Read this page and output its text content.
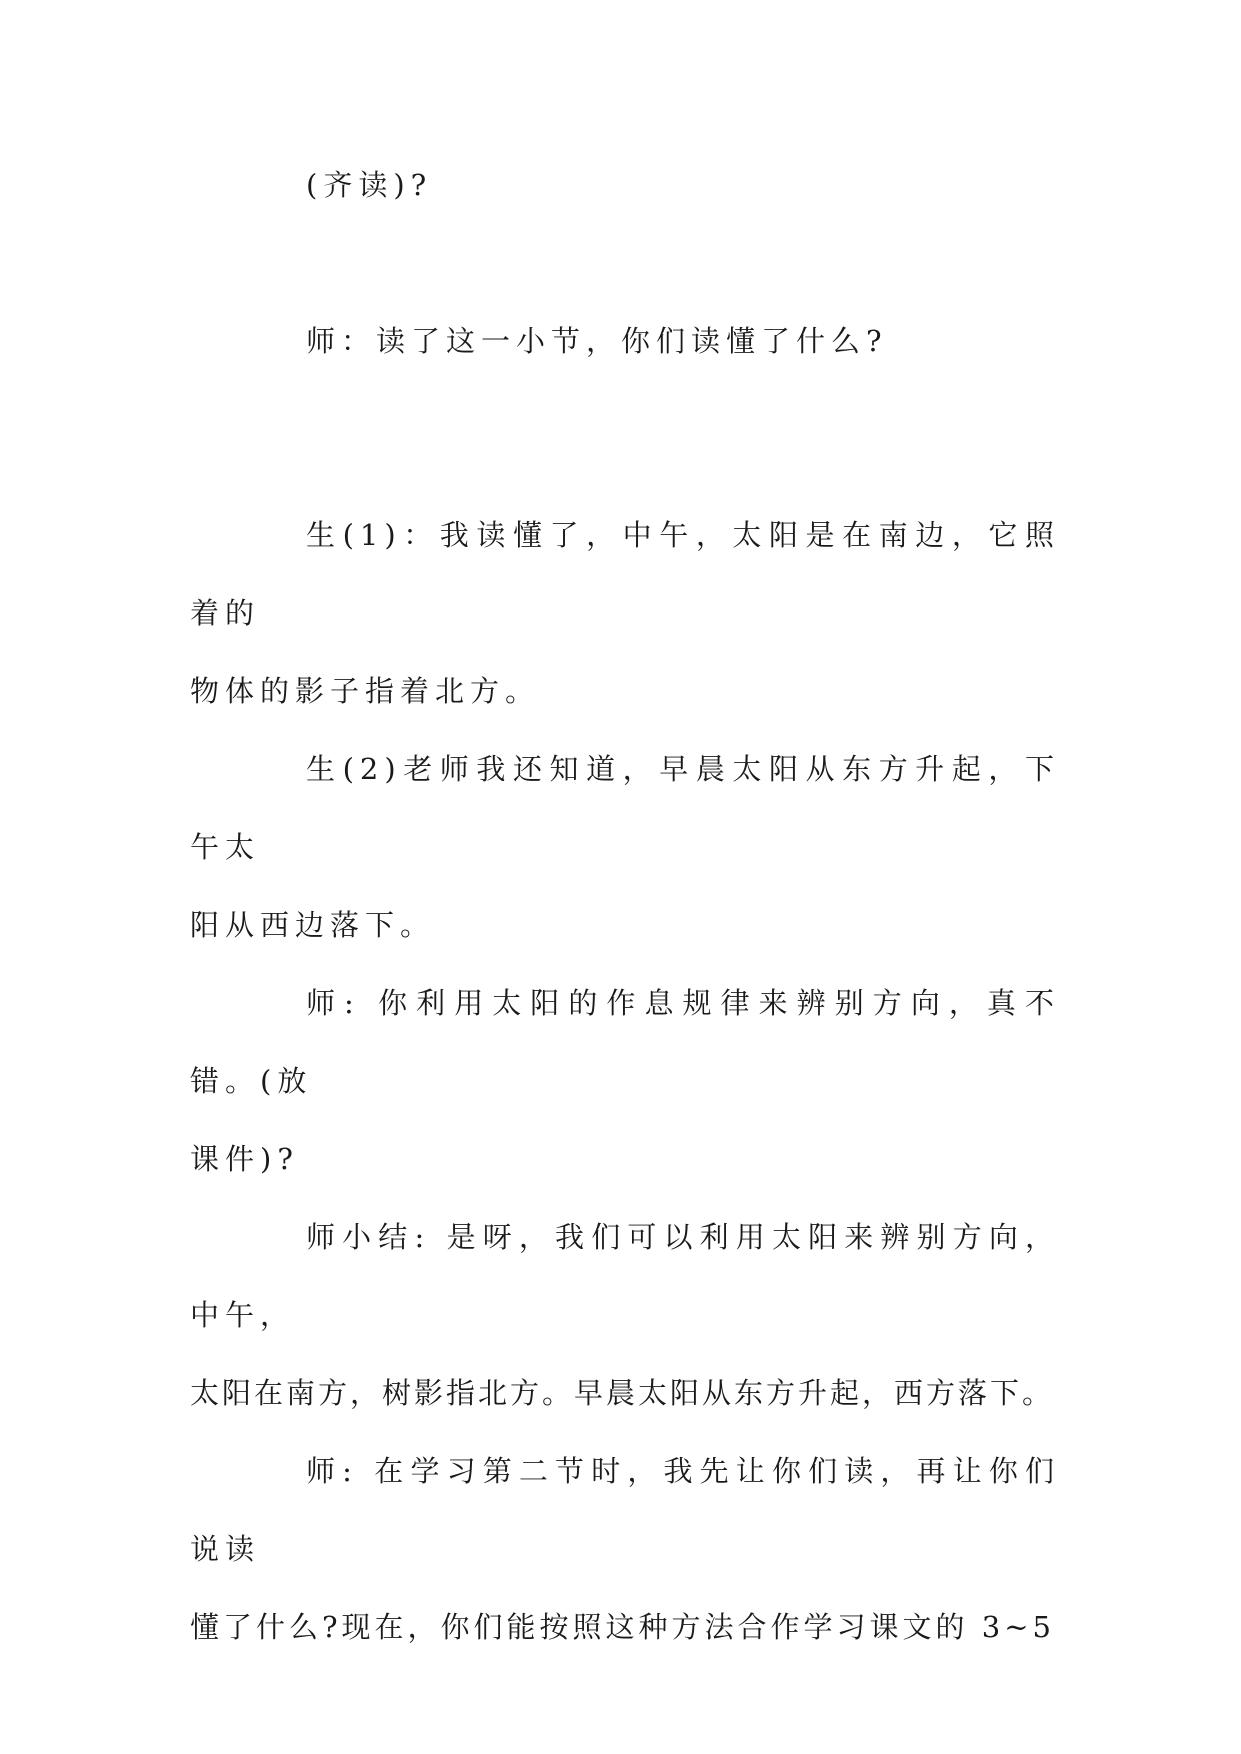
(齐读)?

师：读了这一小节，你们读懂了什么?

生(1)：我读懂了，中午，太阳是在南边，它照着的
物体的影子指着北方。

生(2)老师我还知道，早晨太阳从东方升起，下午太
阳从西边落下。

师: 你利用太阳的作息规律来辨别方向，真不错。(放
课件)?

师小结: 是呀，我们可以利用太阳来辨别方向，中午，
太阳在南方，树影指北方。早晨太阳从东方升起，西方落下。

师: 在学习第二节时，我先让你们读，再让你们说读
懂了什么?现在，你们能按照这种方法合作学习课文的 3~5
